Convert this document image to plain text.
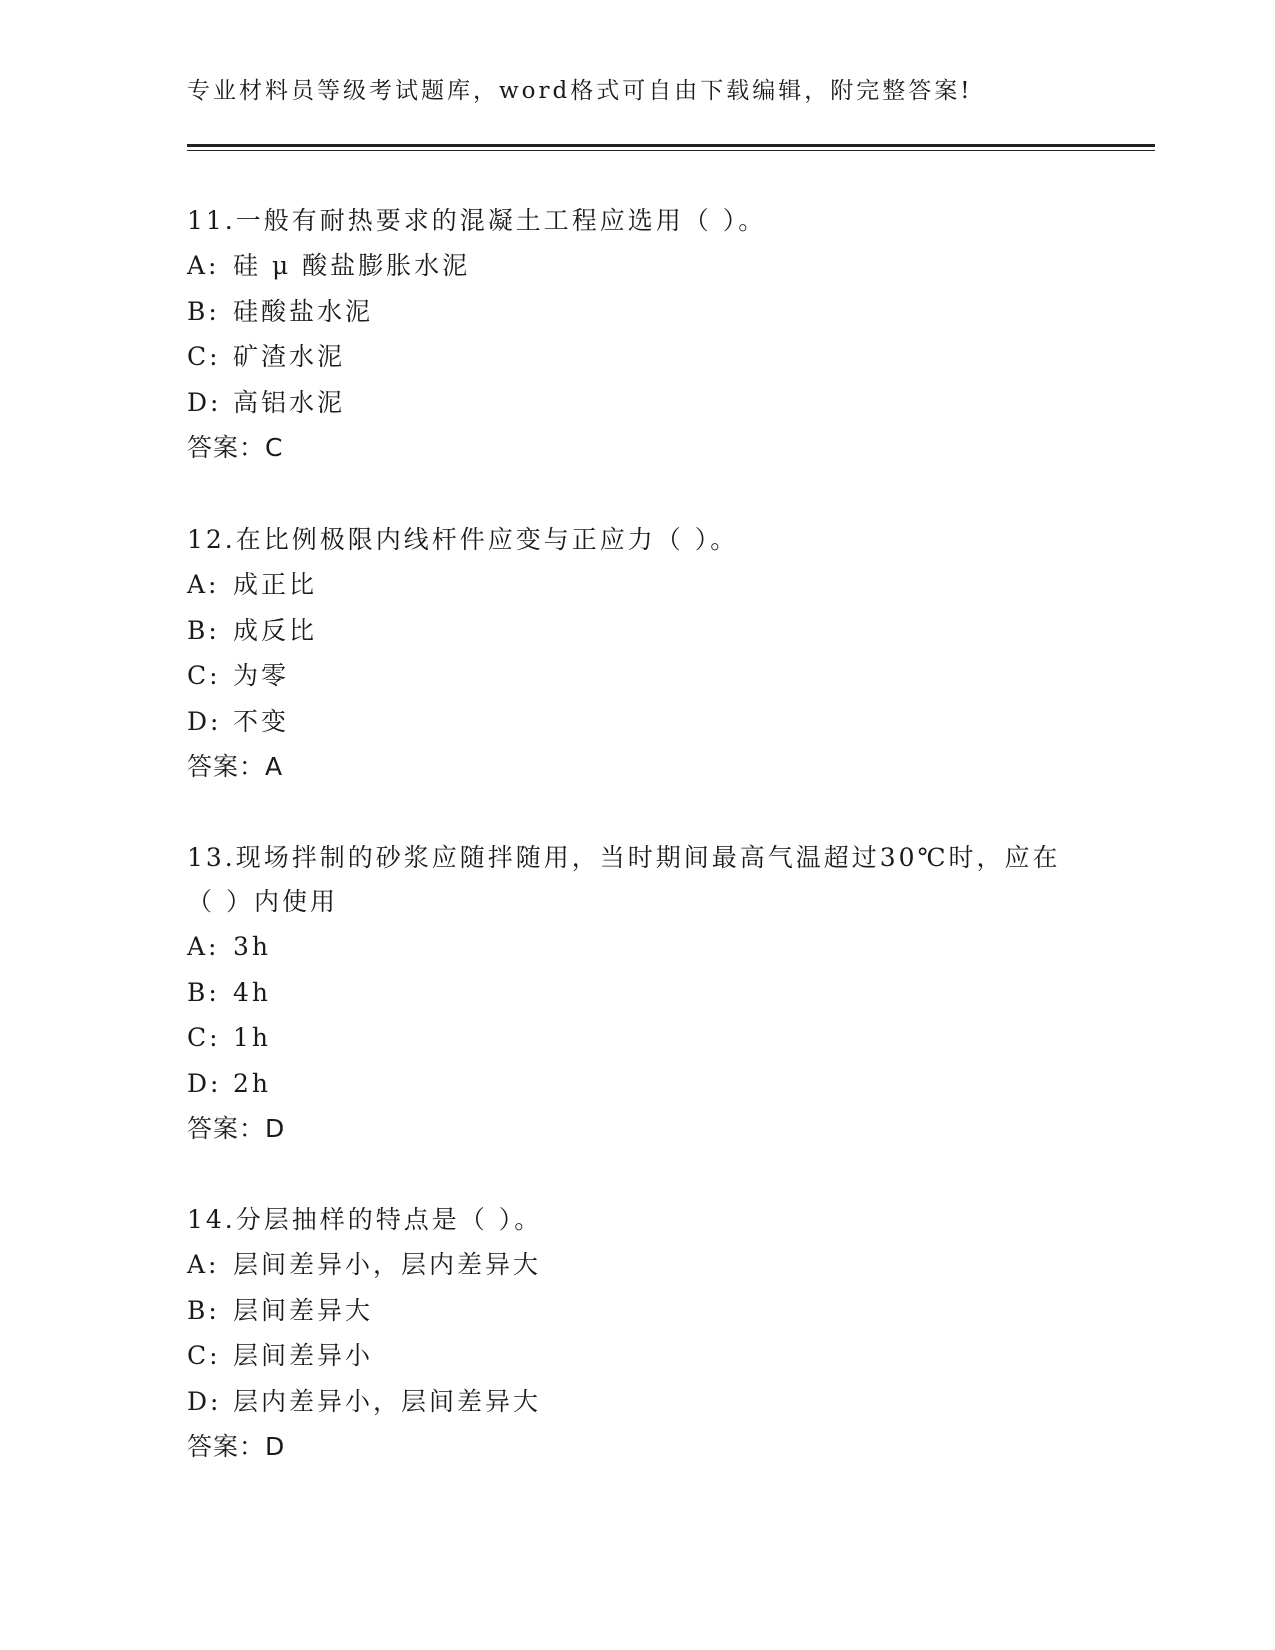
专业材料员等级考试题库，word格式可自由下载编辑，附完整答案!

11.一般有耐热要求的混凝土工程应选用（ ）。

A: 硅 μ 酸盐膨胀水泥
B: 硅酸盐水泥
C: 矿渣水泥
D: 高铝水泥
答案：C

12.在比例极限内线杆件应变与正应力（ ）。

A: 成正比
B: 成反比
C: 为零
D: 不变
答案：A

13.现场拌制的砂浆应随拌随用，当时期间最高气温超过30℃时，应在（ ）内使用

A: 3h
B: 4h
C: 1h
D: 2h
答案：D

14.分层抽样的特点是（ ）。

A: 层间差异小，层内差异大
B: 层间差异大
C: 层间差异小
D: 层内差异小，层间差异大
答案：D
